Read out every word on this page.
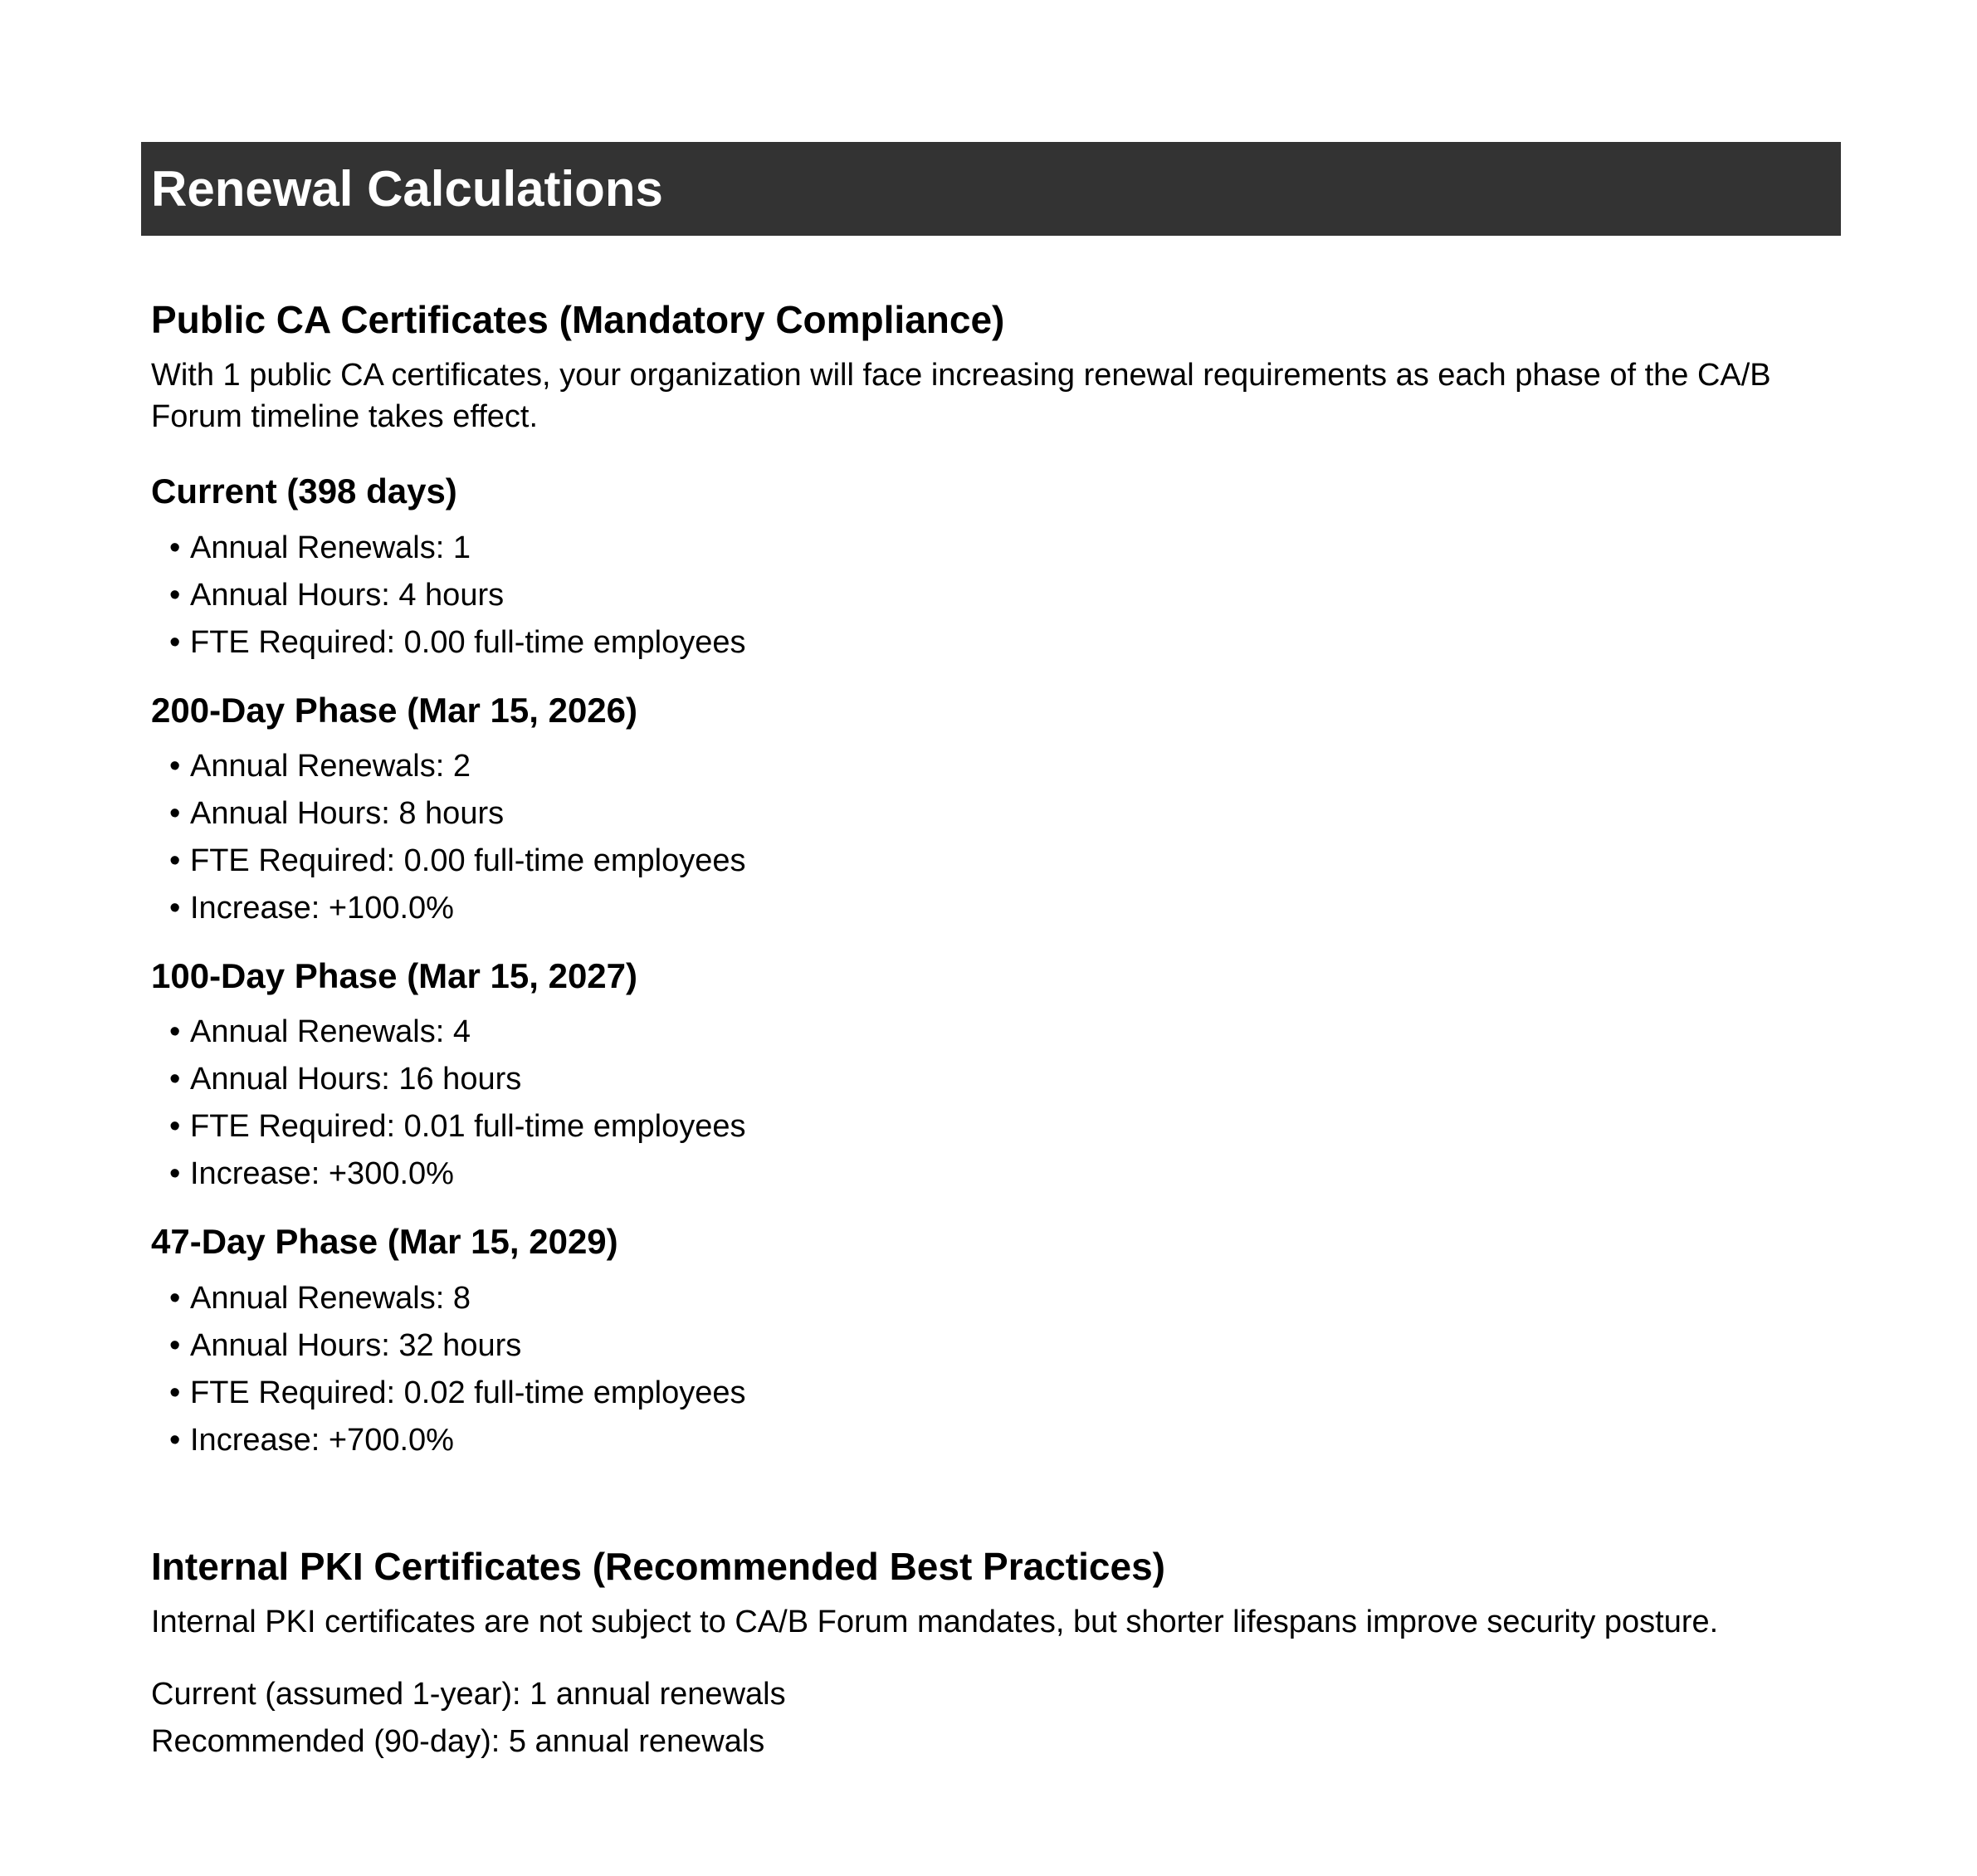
Renewal Calculations
Public CA Certificates (Mandatory Compliance)

With 1 public CA certificates, your organization will face increasing renewal requirements as each phase of the CA/B Forum timeline takes effect.

Current (398 days)
• Annual Renewals: 1
• Annual Hours: 4 hours
• FTE Required: 0.00 full-time employees
200-Day Phase (Mar 15, 2026)
• Annual Renewals: 2
• Annual Hours: 8 hours
• FTE Required: 0.00 full-time employees
• Increase: +100.0%
100-Day Phase (Mar 15, 2027)
• Annual Renewals: 4
• Annual Hours: 16 hours
• FTE Required: 0.01 full-time employees
• Increase: +300.0%
47-Day Phase (Mar 15, 2029)
• Annual Renewals: 8
• Annual Hours: 32 hours
• FTE Required: 0.02 full-time employees
• Increase: +700.0%
Internal PKI Certificates (Recommended Best Practices)

Internal PKI certificates are not subject to CA/B Forum mandates, but shorter lifespans improve security posture.

Current (assumed 1-year): 1 annual renewals
Recommended (90-day): 5 annual renewals
